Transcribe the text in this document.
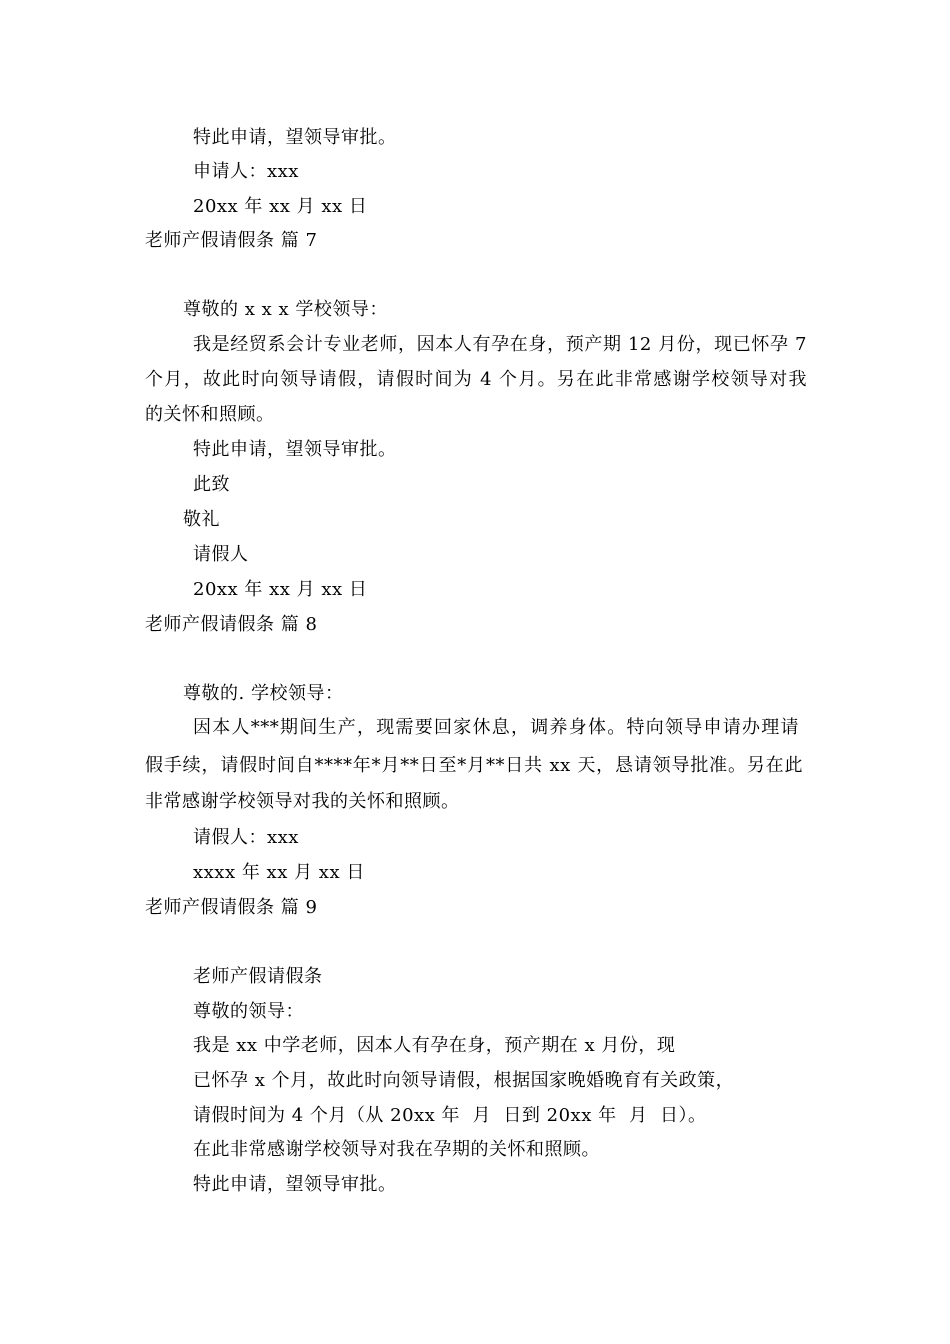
特此申请，望领导审批。
申请人：xxx
20xx 年 xx 月 xx 日
老师产假请假条 篇 7
尊敬的 x x x 学校领导：
我是经贸系会计专业老师，因本人有孕在身，预产期 12 月份，现已怀孕 7
个月，故此时向领导请假，请假时间为 4 个月。另在此非常感谢学校领导对我
的关怀和照顾。
特此申请，望领导审批。
此致
敬礼
请假人
20xx 年 xx 月 xx 日
老师产假请假条 篇 8
尊敬的. 学校领导：
因本人***期间生产，现需要回家休息，调养身体。特向领导申请办理请
假手续，请假时间自****年*月**日至*月**日共 xx 天，恳请领导批准。另在此
非常感谢学校领导对我的关怀和照顾。
请假人：xxx
xxxx 年 xx 月 xx 日
老师产假请假条 篇 9
老师产假请假条
尊敬的领导：
我是 xx 中学老师，因本人有孕在身，预产期在 x 月份，现
已怀孕 x 个月，故此时向领导请假，根据国家晚婚晚育有关政策，
请假时间为 4 个月（从 20xx 年  月  日到 20xx 年  月  日）。
在此非常感谢学校领导对我在孕期的关怀和照顾。
特此申请，望领导审批。
